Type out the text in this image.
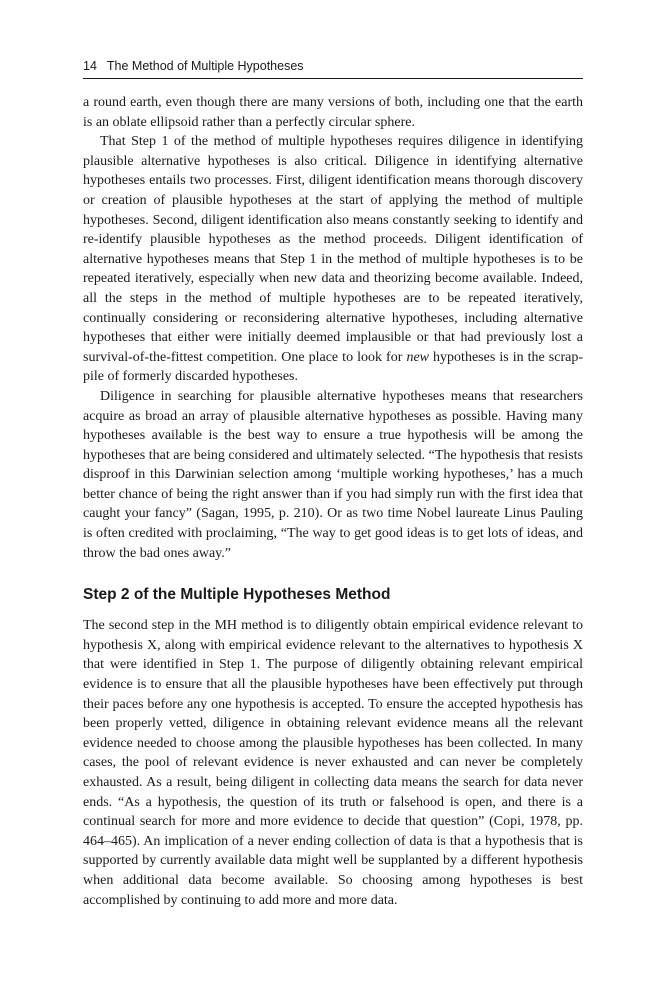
14 The Method of Multiple Hypotheses

a round earth, even though there are many versions of both, including one that the earth is an oblate ellipsoid rather than a perfectly circular sphere.

That Step 1 of the method of multiple hypotheses requires diligence in identifying plausible alternative hypotheses is also critical. Diligence in identifying alternative hypotheses entails two processes. First, diligent identification means thorough discovery or creation of plausible hypotheses at the start of applying the method of multiple hypotheses. Second, diligent identification also means constantly seeking to identify and re-identify plausible hypotheses as the method proceeds. Diligent identification of alternative hypotheses means that Step 1 in the method of multiple hypotheses is to be repeated iteratively, especially when new data and theorizing become available. Indeed, all the steps in the method of multiple hypotheses are to be repeated iteratively, continually considering or reconsidering alternative hypotheses, including alternative hypotheses that either were initially deemed implausible or that had previously lost a survival-of-the-fittest competition. One place to look for new hypotheses is in the scrap-pile of formerly discarded hypotheses.

Diligence in searching for plausible alternative hypotheses means that researchers acquire as broad an array of plausible alternative hypotheses as possible. Having many hypotheses available is the best way to ensure a true hypothesis will be among the hypotheses that are being considered and ultimately selected. “The hypothesis that resists disproof in this Darwinian selection among ‘multiple working hypotheses,’ has a much better chance of being the right answer than if you had simply run with the first idea that caught your fancy” (Sagan, 1995, p. 210). Or as two time Nobel laureate Linus Pauling is often credited with proclaiming, “The way to get good ideas is to get lots of ideas, and throw the bad ones away.”

Step 2 of the Multiple Hypotheses Method

The second step in the MH method is to diligently obtain empirical evidence relevant to hypothesis X, along with empirical evidence relevant to the alternatives to hypothesis X that were identified in Step 1. The purpose of diligently obtaining relevant empirical evidence is to ensure that all the plausible hypotheses have been effectively put through their paces before any one hypothesis is accepted. To ensure the accepted hypothesis has been properly vetted, diligence in obtaining relevant evidence means all the relevant evidence needed to choose among the plausible hypotheses has been collected. In many cases, the pool of relevant evidence is never exhausted and can never be completely exhausted. As a result, being diligent in collecting data means the search for data never ends. “As a hypothesis, the question of its truth or falsehood is open, and there is a continual search for more and more evidence to decide that question” (Copi, 1978, pp. 464–465). An implication of a never ending collection of data is that a hypothesis that is supported by currently available data might well be supplanted by a different hypothesis when additional data become available. So choosing among hypotheses is best accomplished by continuing to add more and more data.
